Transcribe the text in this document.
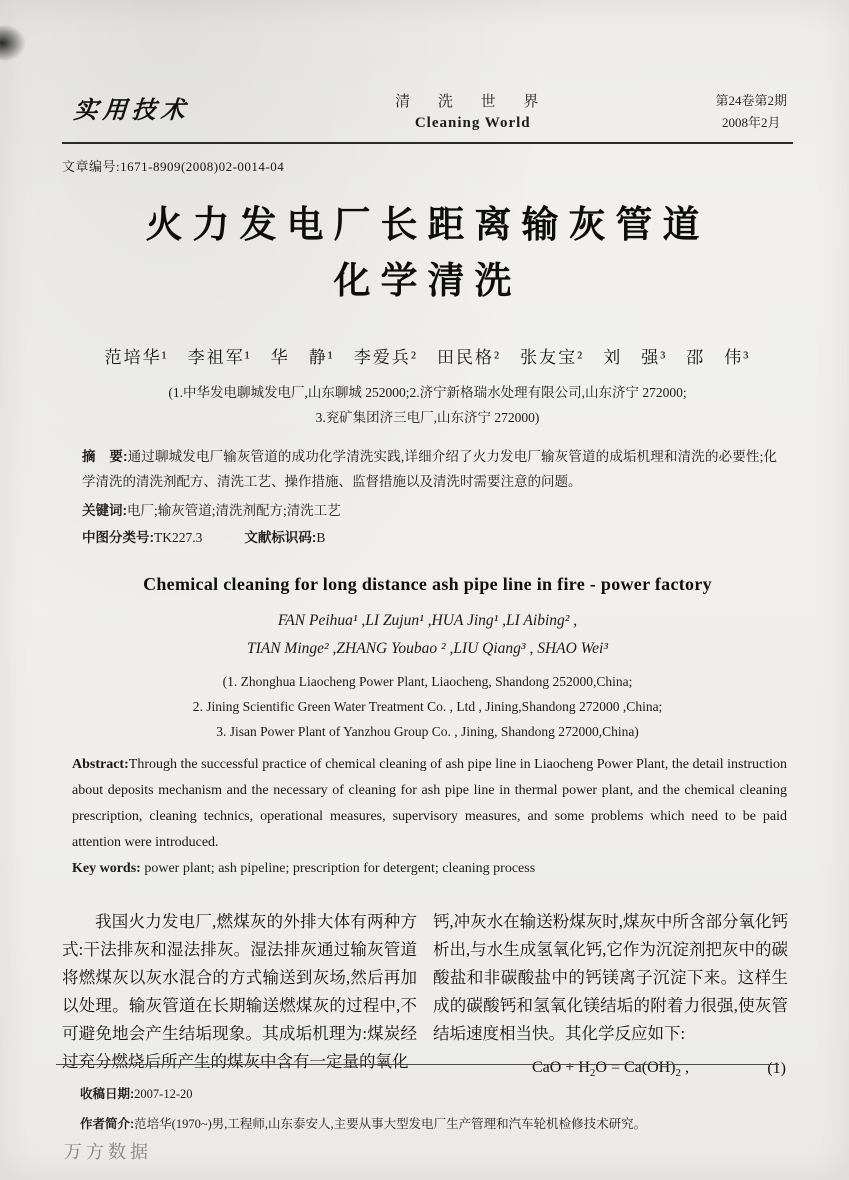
实用技术	清 洗 世 界
Cleaning World
第24卷第2期
2008年2月
文章编号:1671-8909(2008)02-0014-04
火力发电厂长距离输灰管道
化学清洗
范培华¹　李祖军¹　华　静¹　李爱兵²　田民格²　张友宝²　刘　强³　邵　伟³
(1.中华发电聊城发电厂,山东聊城 252000;2.济宁新格瑞水处理有限公司,山东济宁 272000;
3.兖矿集团济三电厂,山东济宁 272000)
摘　要:通过聊城发电厂输灰管道的成功化学清洗实践,详细介绍了火力发电厂输灰管道的成垢机理和清洗的必要性;化学清洗的清洗剂配方、清洗工艺、操作措施、监督措施以及清洗时需要注意的问题。
关键词:电厂;输灰管道;清洗剂配方;清洗工艺
中图分类号:TK227.3	文献标识码:B
Chemical cleaning for long distance ash pipe line in fire - power factory
FAN Peihua¹ ,LI Zujun¹ ,HUA Jing¹ ,LI Aibing² ,
TIAN Minge² ,ZHANG Youbao ² ,LIU Qiang³ , SHAO Wei³
(1. Zhonghua Liaocheng Power Plant, Liaocheng, Shandong 252000,China;
2. Jining Scientific Green Water Treatment Co. , Ltd , Jining,Shandong 272000 ,China;
3. Jisan Power Plant of Yanzhou Group Co. , Jining, Shandong 272000,China)
Abstract:Through the successful practice of chemical cleaning of ash pipe line in Liaocheng Power Plant, the detail instruction about deposits mechanism and the necessary of cleaning for ash pipe line in thermal power plant, and the chemical cleaning prescription, cleaning technics, operational measures, supervisory measures, and some problems which need to be paid attention were introduced.
Key words: power plant; ash pipeline; prescription for detergent; cleaning process

我国火力发电厂,燃煤灰的外排大体有两种方式:干法排灰和湿法排灰。湿法排灰通过输灰管道将燃煤灰以灰水混合的方式输送到灰场,然后再加以处理。输灰管道在长期输送燃煤灰的过程中,不可避免地会产生结垢现象。其成垢机理为:煤炭经过充分燃烧后所产生的煤灰中含有一定量的氧化

钙,冲灰水在输送粉煤灰时,煤灰中所含部分氧化钙析出,与水生成氢氧化钙,它作为沉淀剂把灰中的碳酸盐和非碳酸盐中的钙镁离子沉淀下来。这样生成的碳酸钙和氢氧化镁结垢的附着力很强,使灰管结垢速度相当快。其化学反应如下:

CaO + $H_2O = Ca(OH)_2$ ,	(1)
收稿日期:2007-12-20
作者简介:范培华(1970~)男,工程师,山东泰安人,主要从事大型发电厂生产管理和汽车轮机检修技术研究。
万方数据
